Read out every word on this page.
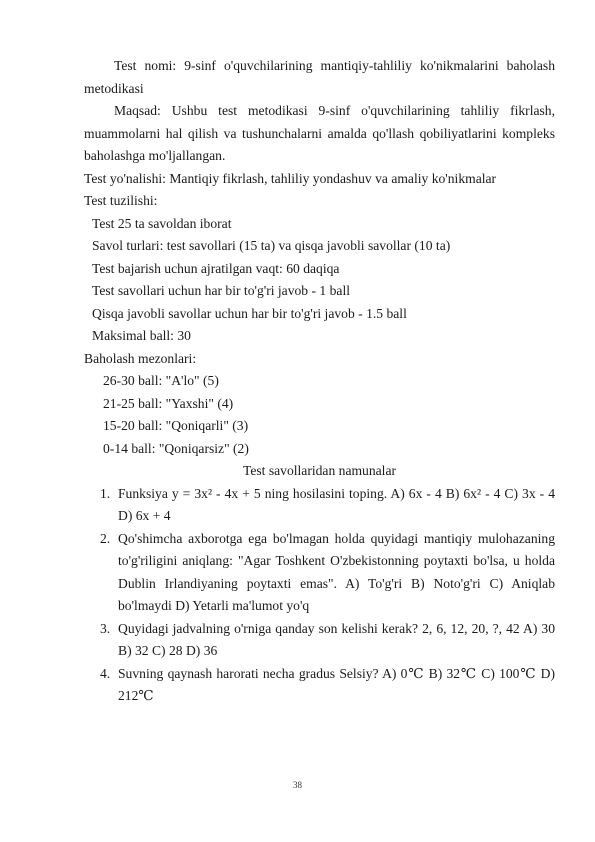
Test nomi: 9-sinf o'quvchilarining mantiqiy-tahliliy ko'nikmalarini baholash metodikasi

Maqsad: Ushbu test metodikasi 9-sinf o'quvchilarining tahliliy fikrlash, muammolarni hal qilish va tushunchalarni amalda qo'llash qobiliyatlarini kompleks baholashga mo'ljallangan.

Test yo'nalishi: Mantiqiy fikrlash, tahliliy yondashuv va amaliy ko'nikmalar

Test tuzilishi:

Test 25 ta savoldan iborat

Savol turlari: test savollari (15 ta) va qisqa javobli savollar (10 ta)

Test bajarish uchun ajratilgan vaqt: 60 daqiqa

Test savollari uchun har bir to'g'ri javob - 1 ball

Qisqa javobli savollar uchun har bir to'g'ri javob - 1.5 ball

Maksimal ball: 30

Baholash mezonlari:

26-30 ball: "A'lo" (5)

21-25 ball: "Yaxshi" (4)

15-20 ball: "Qoniqarli" (3)

0-14 ball: "Qoniqarsiz" (2)

Test savollaridan namunalar

1. Funksiya y = 3x² - 4x + 5 ning hosilasini toping. A) 6x - 4 B) 6x² - 4 C) 3x - 4 D) 6x + 4
2. Qo'shimcha axborotga ega bo'lmagan holda quyidagi mantiqiy mulohazaning to'g'riligini aniqlang: "Agar Toshkent O'zbekistonning poytaxti bo'lsa, u holda Dublin Irlandiyaning poytaxti emas". A) To'g'ri B) Noto'g'ri C) Aniqlab bo'lmaydi D) Yetarli ma'lumot yo'q
3. Quyidagi jadvalning o'rniga qanday son kelishi kerak? 2, 6, 12, 20, ?, 42 A) 30 B) 32 C) 28 D) 36
4. Suvning qaynash harorati necha gradus Selsiy? A) 0℃ B) 32℃ C) 100℃ D) 212℃
38
